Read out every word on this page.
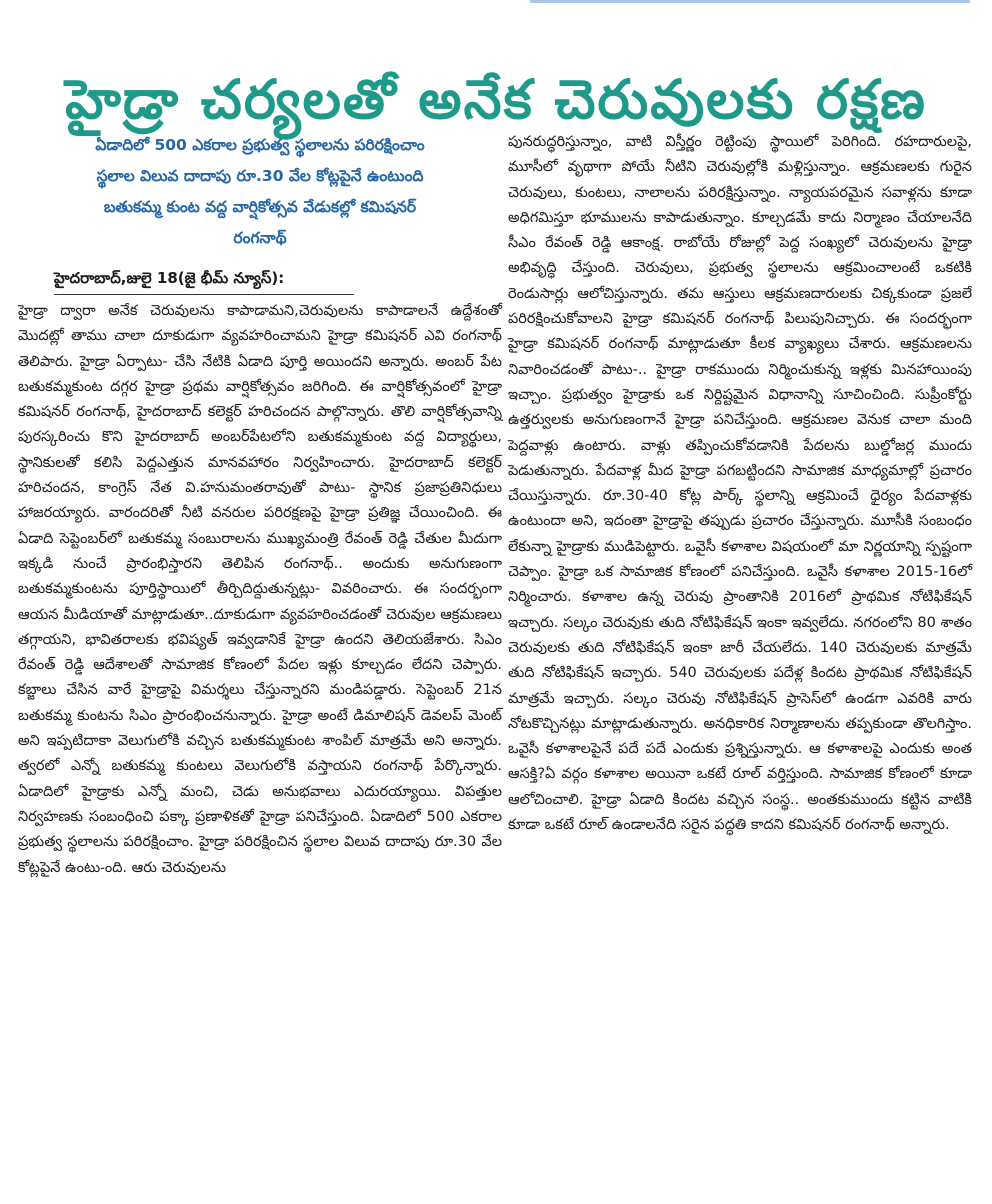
హైడ్రా చర్యలతో అనేక చెరువులకు రక్షణ
ఏడాదిలో 500 ఎకరాల ప్రభుత్వ స్థలాలను పరిరక్షించాం
స్థలాల విలువ దాదాపు రూ.30 వేల కోట్లపైనే ఉంటుంది
బతుకమ్మ కుంట వద్ద వార్షికోత్సవ వేడుకల్లో కమిషనర్
రంగనాథ్
హైదరాబాద్,జులై 18(జై భీమ్ న్యూస్):

హైడ్రా ద్వారా అనేక చెరువులను కాపాడామని,చెరువులను కాపాడాలనే ఉద్దేశంతో మొదట్లో తాము చాలా దూకుడుగా వ్యవహరించామని హైడ్రా కమిషనర్ ఎవి రంగనాథ్ తెలిపారు. హైడ్రా ఏర్పాటు- చేసి నేటికి ఏడాది పూర్తి అయిందని అన్నారు. అంబర్ పేట బతుకమ్మకుంట దగ్గర హైడ్రా ప్రథమ వార్షికోత్సవం జరిగింది. ఈ వార్షికోత్సవంలో హైడ్రా కమిషనర్ రంగనాథ్, హైదరాబాద్ కలెక్టర్ హరిచందన పాల్గొన్నారు. తొలి వార్షికోత్సవాన్ని పురస్కరించు కొని హైదరాబాద్ అంబర్‌పేటలోని బతుకమ్మకుంట వద్ద విద్యార్థులు, స్థానికులతో కలిసి పెద్దఎత్తున మానవహారం నిర్వహించారు. హైదరాబాద్ కలెక్టర్ హరిచందన, కాంగ్రెస్ నేత వి.హనుమంతరావుతో పాటు- స్థానిక ప్రజాప్రతినిధులు హాజరయ్యారు. వారందరితో నీటి వనరుల పరిరక్షణపై హైడ్రా ప్రతిజ్ఞ చేయించింది. ఈ ఏడాది సెప్టెంబర్‌లో బతుకమ్మ సంబురాలను ముఖ్యమంత్రి రేవంత్ రెడ్డి చేతుల మీదుగా ఇక్కడి నుంచే ప్రారంభిస్తారని తెలిపిన రంగనాథ్.. అందుకు అనుగుణంగా బతుకమ్మకుంటను పూర్తిస్థాయిలో తీర్చిదిద్దుతున్నట్లు- వివరించారు. ఈ సందర్భంగా ఆయన మీడియాతో మాట్లాడుతూ..దూకుడుగా వ్యవహరించడంతో చెరువుల ఆక్రమణలు తగ్గాయని, భావితరాలకు భవిష్యత్ ఇవ్వడానికే హైడ్రా ఉందని తెలియజేశారు. సిఎం రేవంత్ రెడ్డి ఆదేశాలతో సామాజిక కోణంలో పేదల ఇళ్లు కూల్చడం లేదని చెప్పారు. కబ్జాలు చేసిన వారే హైడ్రాపై విమర్శలు చేస్తున్నారని మండిపడ్డారు. సెప్టెంబర్ 21న బతుకమ్మ కుంటను సిఎం ప్రారంభించనున్నారు. హైడ్రా అంటే డిమాలిషన్ డెవలప్ మెంట్ అని ఇప్పటిదాకా వెలుగులోకి వచ్చిన బతుకమ్మకుంట శాంపిల్ మాత్రమే అని అన్నారు. త్వరలో ఎన్నో బతుకమ్మ కుంటలు వెలుగులోకి వస్తాయని రంగనాథ్ పేర్కొన్నారు. ఏడాదిలో హైడ్రాకు ఎన్నో మంచి, చెడు అనుభవాలు ఎదురయ్యాయి. విపత్తుల నిర్వహణకు సంబంధించి పక్కా ప్రణాళికతో హైడ్రా పనిచేస్తుంది. ఏడాదిలో 500 ఎకరాల ప్రభుత్వ స్థలాలను పరిరక్షించాం. హైడ్రా పరిరక్షించిన స్థలాల విలువ దాదాపు రూ.30 వేల కోట్లపైనే ఉంటు-ంది. ఆరు చెరువులను

పునరుద్ధరిస్తున్నాం, వాటి విస్తీర్ణం రెట్టింపు స్థాయిలో పెరిగింది. రహదారులపై, మూసీలో వృథాగా పోయే నీటిని చెరువుల్లోకి మళ్లిస్తున్నాం. ఆక్రమణలకు గురైన చెరువులు, కుంటలు, నాలాలను పరిరక్షిస్తున్నాం. న్యాయపరమైన సవాళ్లను కూడా అధిగమిస్తూ భూములను కాపాడుతున్నాం. కూల్చడమే కాదు నిర్మాణం చేయాలనేది సీఎం రేవంత్ రెడ్డి ఆకాంక్ష. రాబోయే రోజుల్లో పెద్ద సంఖ్యలో చెరువులను హైడ్రా అభివృద్ధి చేస్తుంది. చెరువులు, ప్రభుత్వ స్థలాలను ఆక్రమించాలంటే ఒకటికి రెండుసార్లు ఆలోచిస్తున్నారు. తమ ఆస్తులు ఆక్రమణదారులకు చిక్కకుండా ప్రజలే పరిరక్షించుకోవాలని హైడ్రా కమిషనర్ రంగనాథ్ పిలుపునిచ్చారు. ఈ సందర్భంగా హైడ్రా కమిషనర్ రంగనాథ్ మాట్లాడుతూ కీలక వ్యాఖ్యలు చేశారు. ఆక్రమణలను నివారించడంతో పాటు-.. హైడ్రా రాకముందు నిర్మించుకున్న ఇళ్లకు మినహాయింపు ఇచ్చాం. ప్రభుత్వం హైడ్రాకు ఒక నిర్దిష్టమైన విధానాన్ని సూచించింది. సుప్రీంకోర్టు ఉత్తర్వులకు అనుగుణంగానే హైడ్రా పనిచేస్తుంది. ఆక్రమణల వెనుక చాలా మంది పెద్దవాళ్లు ఉంటారు. వాళ్లు తప్పించుకోవడానికి పేదలను బుల్డోజర్ల ముందు పెడుతున్నారు. పేదవాళ్ల మీద హైడ్రా పగబట్టిందని సామాజిక మాధ్యమాల్లో ప్రచారం చేయిస్తున్నారు. రూ.30-40 కోట్ల పార్క్ స్థలాన్ని ఆక్రమించే ధైర్యం పేదవాళ్లకు ఉంటుందా అని, ఇదంతా హైడ్రాపై తప్పుడు ప్రచారం చేస్తున్నారు. మూసీకి సంబంధం లేకున్నా హైడ్రాకు ముడిపెట్టారు. ఒవైసీ కళాశాల విషయంలో మా నిర్ణయాన్ని స్పష్టంగా చెప్పాం. హైడ్రా ఒక సామాజిక కోణంలో పనిచేస్తుంది. ఒవైసీ కళాశాల 2015-16లో నిర్మించారు. కళాశాల ఉన్న చెరువు ప్రాంతానికి 2016లో ప్రాథమిక నోటిఫికేషన్ ఇచ్చారు. సల్కం చెరువుకు తుది నోటిఫికేషన్ ఇంకా ఇవ్వలేదు. నగరంలోని 80 శాతం చెరువులకు తుది నోటిఫికేషన్ ఇంకా జారీ చేయలేదు. 140 చెరువులకు మాత్రమే తుది నోటిఫికేషన్ ఇచ్చారు. 540 చెరువులకు పదేళ్ల కిందట ప్రాథమిక నోటిఫికేషన్ మాత్రమే ఇచ్చారు. సల్కం చెరువు నోటిఫికేషన్ ప్రాసెస్‌లో ఉండగా ఎవరికి వారు నోటకొచ్చినట్లు మాట్లాడుతున్నారు. అనధికారిక నిర్మాణాలను తప్పకుండా తొలగిస్తాం. ఒవైసీ కళాశాలపైనే పదే పదే ఎందుకు ప్రశ్నిస్తున్నారు. ఆ కళాశాలపై ఎందుకు అంత ఆసక్తి?ఏ వర్గం కళాశాల అయినా ఒకటే రూల్ వర్తిస్తుంది. సామాజిక కోణంలో కూడా ఆలోచించాలి. హైడ్రా ఏడాది కిందట వచ్చిన సంస్థ.. అంతకుముందు కట్టిన వాటికి కూడా ఒకటే రూల్ ఉండాలనేది సరైన పద్ధతి కాదని కమిషనర్ రంగనాథ్ అన్నారు.
